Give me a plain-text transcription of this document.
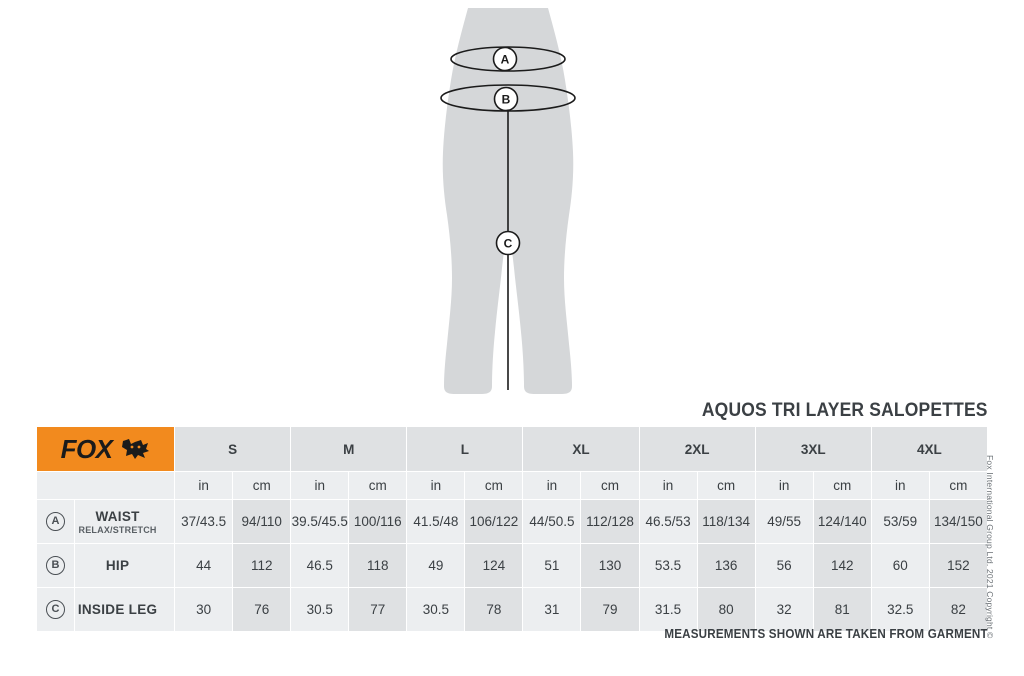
A
B
C
AQUOS TRI LAYER SALOPETTES
FOX		S		M		L		XL		2XL		3XL		4XL	
		in	cm	in	cm	in	cm	in	cm	in	cm	in	cm	in	cm
A	WAIST
RELAX/STRETCH	37/43.5	94/110	39.5/45.5	100/116	41.5/48	106/122	44/50.5	112/128	46.5/53	118/134	49/55	124/140	53/59	134/150
B	HIP	44	112	46.5	118	49	124	51	130	53.5	136	56	142	60	152
C	INSIDE LEG	30	76	30.5	77	30.5	78	31	79	31.5	80	32	81	32.5	82
MEASUREMENTS SHOWN ARE TAKEN FROM GARMENT
Fox International Group Ltd. 2021 Copyright ©
